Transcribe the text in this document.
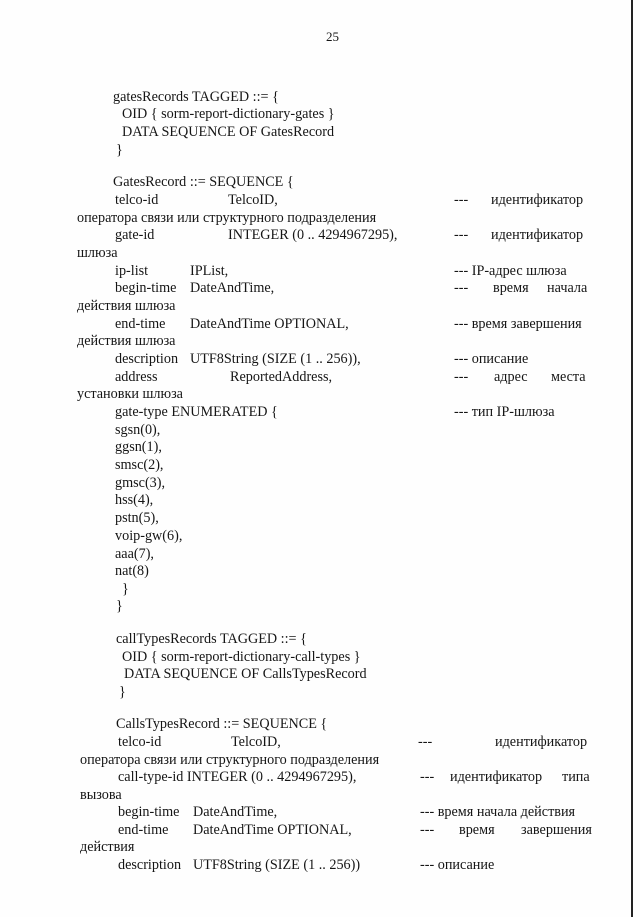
25
gatesRecords TAGGED ::= {
OID { sorm-report-dictionary-gates }
DATA SEQUENCE OF GatesRecord
}
GatesRecord ::= SEQUENCE {
telco-id	TelcoID,	--- идентификатор
оператора связи или структурного подразделения
gate-id	INTEGER (0 .. 4294967295),	--- идентификатор
шлюза
ip-list	IPList,	--- IP-адрес шлюза
begin-time DateAndTime,	--- время начала
действия шлюза
end-time DateAndTime OPTIONAL,	--- время завершения
действия шлюза
description UTF8String (SIZE (1 .. 256)),	--- описание
address	ReportedAddress,	--- адрес места
установки шлюза
gate-type ENUMERATED {	--- тип IP-шлюза
sgsn(0),
ggsn(1),
smsc(2),
gmsc(3),
hss(4),
pstn(5),
voip-gw(6),
aaa(7),
nat(8)
}
}
callTypesRecords TAGGED ::= {
OID { sorm-report-dictionary-call-types }
DATA SEQUENCE OF CallsTypesRecord
}
CallsTypesRecord ::= SEQUENCE {
telco-id	TelcoID,	---	идентификатор
оператора связи или структурного подразделения
call-type-id INTEGER (0 .. 4294967295),	--- идентификатор типа
вызова
begin-time DateAndTime,	--- время начала действия
end-time DateAndTime OPTIONAL,	--- время завершения
действия
description UTF8String (SIZE (1 .. 256))	--- описание
